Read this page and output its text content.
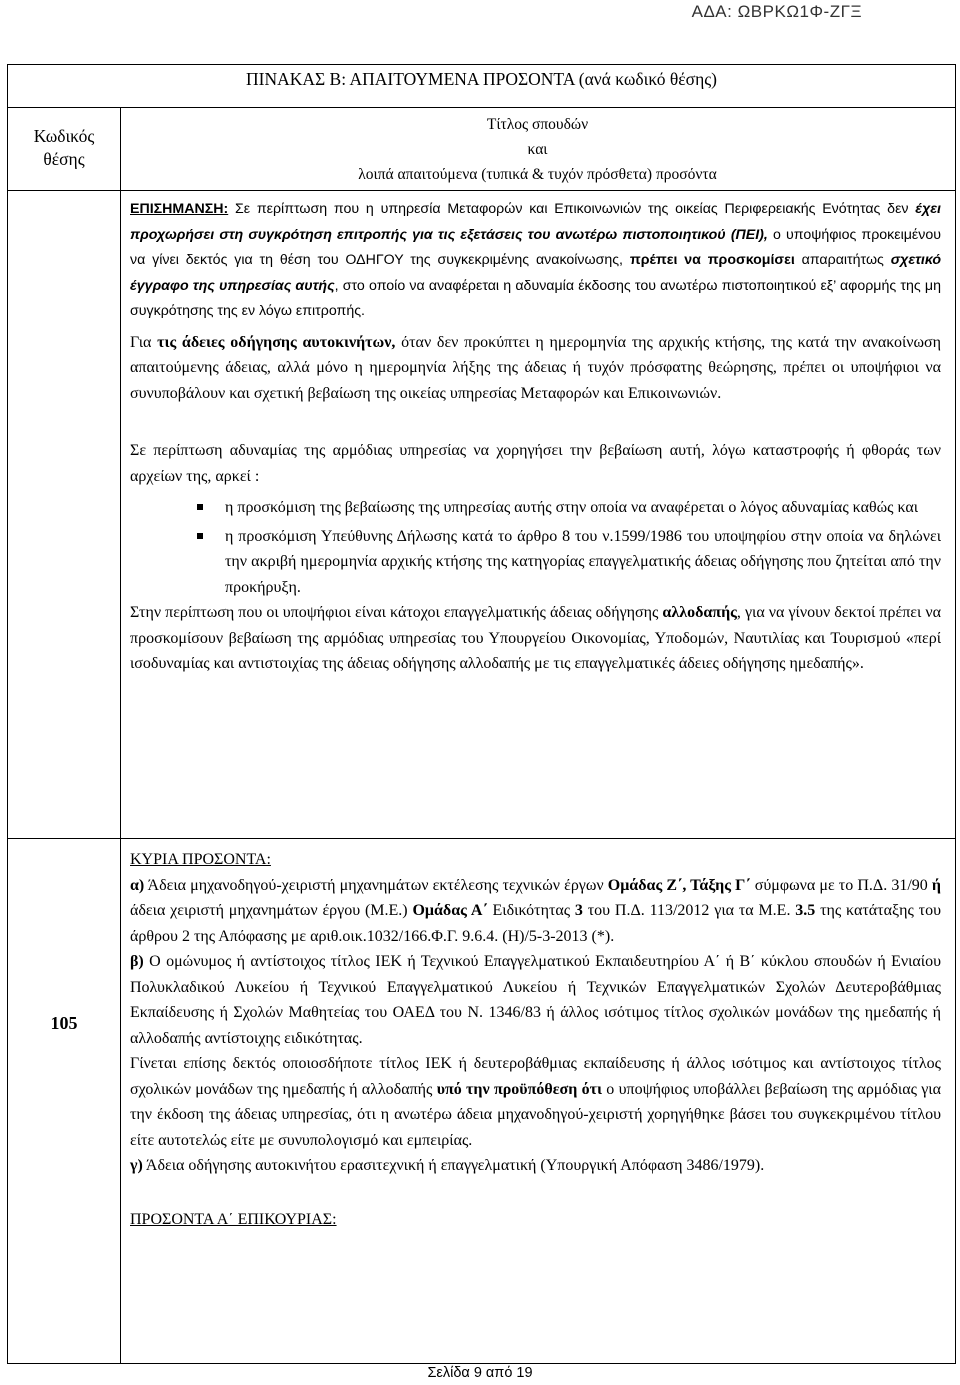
ΑΔΑ: ΩΒΡΚΩ1Φ-ΖΓΞ
ΠΙΝΑΚΑΣ Β: ΑΠΑΙΤΟΥΜΕΝΑ ΠΡΟΣΟΝΤΑ (ανά κωδικό θέσης)
Κωδικός
θέσης
Τίτλος σπουδών
και
λοιπά απαιτούμενα (τυπικά & τυχόν πρόσθετα) προσόντα

ΕΠΙΣΗΜΑΝΣΗ: Σε περίπτωση που η υπηρεσία Μεταφορών και Επικοινωνιών της οικείας Περιφερειακής Ενότητας δεν έχει προχωρήσει στη συγκρότηση επιτροπής για τις εξετάσεις του ανωτέρω πιστοποιητικού (ΠΕΙ), ο υποψήφιος προκειμένου να γίνει δεκτός για τη θέση του ΟΔΗΓΟΥ της συγκεκριμένης ανακοίνωσης, πρέπει να προσκομίσει απαραιτήτως σχετικό έγγραφο της υπηρεσίας αυτής, στο οποίο να αναφέρεται η αδυναμία έκδοσης του ανωτέρω πιστοποιητικού εξ’ αφορμής της μη συγκρότησης της εν λόγω επιτροπής.

Για τις άδειες οδήγησης αυτοκινήτων, όταν δεν προκύπτει η ημερομηνία της αρχικής κτήσης, της κατά την ανακοίνωση απαιτούμενης άδειας, αλλά μόνο η ημερομηνία λήξης της άδειας ή τυχόν πρόσφατης θεώρησης, πρέπει οι υποψήφιοι να συνυποβάλουν και σχετική βεβαίωση της οικείας υπηρεσίας Μεταφορών και Επικοινωνιών.

Σε περίπτωση αδυναμίας της αρμόδιας υπηρεσίας να χορηγήσει την βεβαίωση αυτή, λόγω καταστροφής ή φθοράς των αρχείων της, αρκεί :

η προσκόμιση της βεβαίωσης της υπηρεσίας αυτής στην οποία να αναφέρεται ο λόγος αδυναμίας καθώς και
η προσκόμιση Υπεύθυνης Δήλωσης κατά το άρθρο 8 του ν.1599/1986 του υποψηφίου στην οποία να δηλώνει την ακριβή ημερομηνία αρχικής κτήσης της κατηγορίας επαγγελματικής άδειας οδήγησης που ζητείται από την προκήρυξη.

Στην περίπτωση που οι υποψήφιοι είναι κάτοχοι επαγγελματικής άδειας οδήγησης αλλοδαπής, για να γίνουν δεκτοί πρέπει να προσκομίσουν βεβαίωση της αρμόδιας υπηρεσίας του Υπουργείου Οικονομίας, Υποδομών, Ναυτιλίας και Τουρισμού «περί ισοδυναμίας και αντιστοιχίας της άδειας οδήγησης αλλοδαπής με τις επαγγελματικές άδειες οδήγησης ημεδαπής».

105

ΚΥΡΙΑ ΠΡΟΣΟΝΤΑ:

α) Άδεια μηχανοδηγού-χειριστή μηχανημάτων εκτέλεσης τεχνικών έργων Ομάδας Ζ΄, Τάξης Γ΄ σύμφωνα με το Π.Δ. 31/90 ή άδεια χειριστή μηχανημάτων έργου (Μ.Ε.) Ομάδας Α΄ Ειδικότητας 3 του Π.Δ. 113/2012 για τα Μ.Ε. 3.5 της κατάταξης του άρθρου 2 της Απόφασης με αριθ.οικ.1032/166.Φ.Γ. 9.6.4. (Η)/5-3-2013 (*).

β) Ο ομώνυμος ή αντίστοιχος τίτλος ΙΕΚ ή Τεχνικού Επαγγελματικού Εκπαιδευτηρίου Α΄ ή Β΄ κύκλου σπουδών ή Ενιαίου Πολυκλαδικού Λυκείου ή Τεχνικού Επαγγελματικού Λυκείου ή Τεχνικών Επαγγελματικών Σχολών Δευτεροβάθμιας Εκπαίδευσης ή Σχολών Μαθητείας του ΟΑΕΔ του Ν. 1346/83 ή άλλος ισότιμος τίτλος σχολικών μονάδων της ημεδαπής ή αλλοδαπής αντίστοιχης ειδικότητας.

Γίνεται επίσης δεκτός οποιοσδήποτε τίτλος ΙΕΚ ή δευτεροβάθμιας εκπαίδευσης ή άλλος ισότιμος και αντίστοιχος τίτλος σχολικών μονάδων της ημεδαπής ή αλλοδαπής υπό την προϋπόθεση ότι ο υποψήφιος υποβάλλει βεβαίωση της αρμόδιας για την έκδοση της άδειας υπηρεσίας, ότι η ανωτέρω άδεια μηχανοδηγού-χειριστή χορηγήθηκε βάσει του συγκεκριμένου τίτλου είτε αυτοτελώς είτε με συνυπολογισμό και εμπειρίας.

γ) Άδεια οδήγησης αυτοκινήτου ερασιτεχνική ή επαγγελματική (Υπουργική Απόφαση 3486/1979).

ΠΡΟΣΟΝΤΑ Α΄ ΕΠΙΚΟΥΡΙΑΣ:

Σελίδα 9 από 19
